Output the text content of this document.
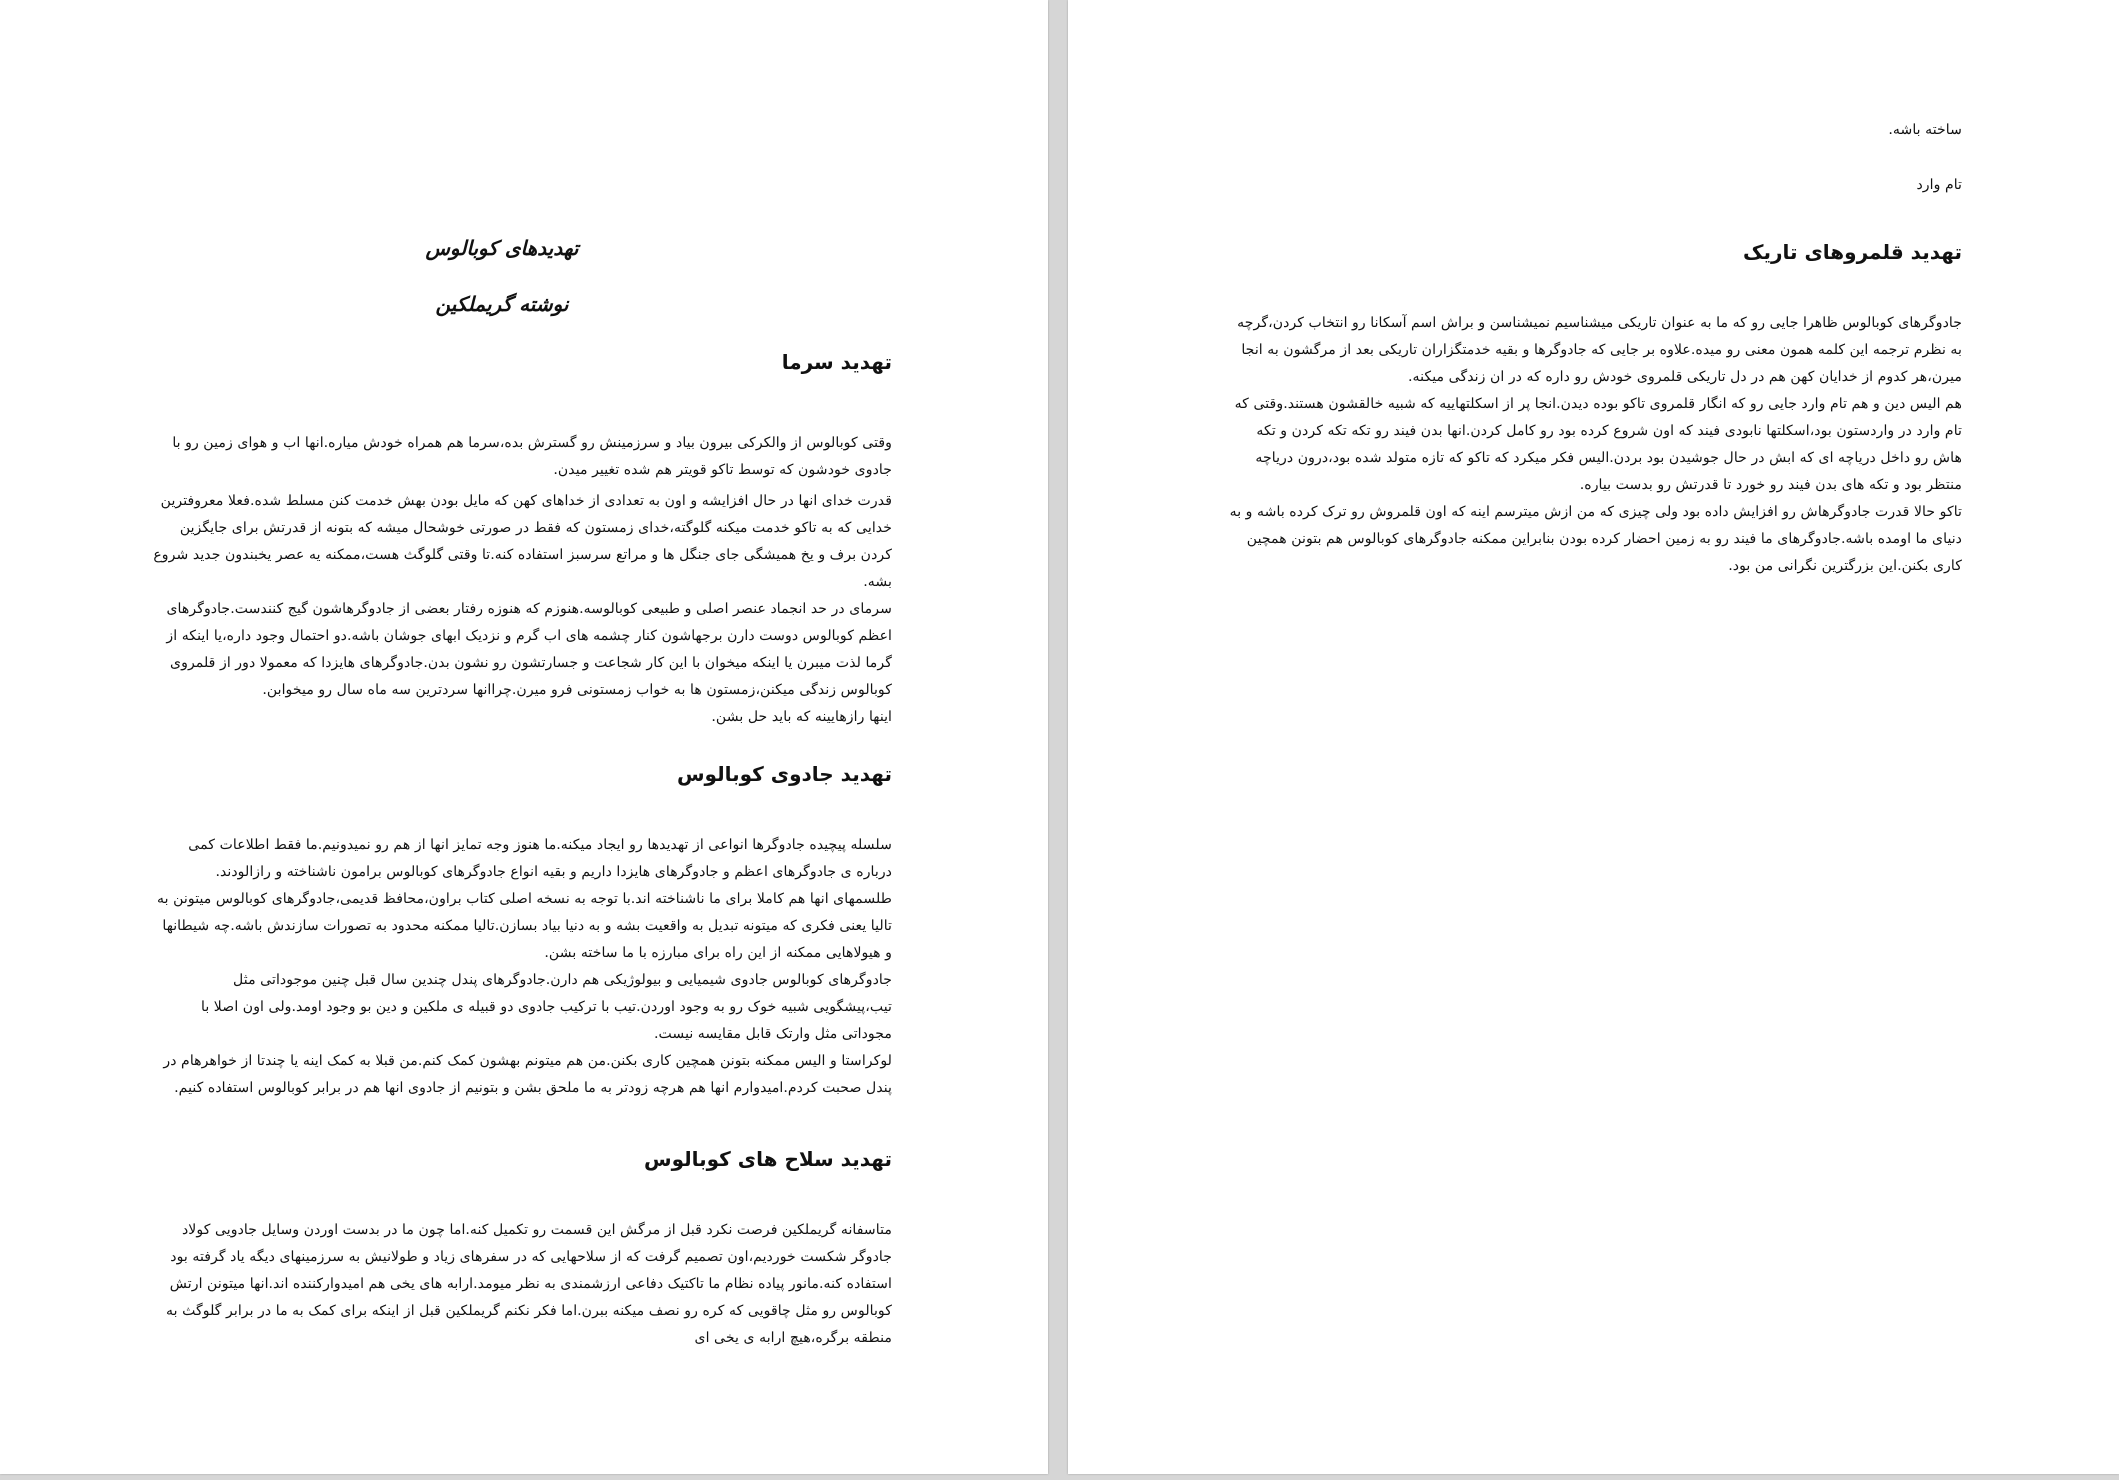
تهدیدهای کوبالوس
نوشته گریملکین
تهدید سرما

وقتی کوبالوس از والکرکی بیرون بیاد و سرزمینش رو گسترش بده،سرما هم همراه خودش میاره.انها اب و هوای زمین رو با جادوی خودشون که توسط تاکو قویتر هم شده تغییر میدن.

قدرت خدای انها در حال افزایشه و اون به تعدادی از خداهای کهن که مایل بودن بهش خدمت کنن مسلط شده.فعلا معروفترین خدایی که به تاکو خدمت میکنه گلوگته،خدای زمستون که فقط در صورتی خوشحال میشه که بتونه از قدرتش برای جایگزین کردن برف و یخ همیشگی جای جنگل ها و مراتع سرسبز استفاده کنه.تا وقتی گلوگث هست،ممکنه یه عصر یخبندون جدید شروع بشه.

سرمای در حد انجماد عنصر اصلی و طبیعی کوبالوسه.هنوزم که هنوزه رفتار بعضی از جادوگرهاشون گیج کنندست.جادوگرهای اعظم کوبالوس دوست دارن برجهاشون کنار چشمه های اب گرم و نزدیک ابهای جوشان باشه.دو احتمال وجود داره،یا اینکه از گرما لذت میبرن یا اینکه میخوان با این کار شجاعت و جسارتشون رو نشون بدن.جادوگرهای هایزدا که معمولا دور از قلمروی کوبالوس زندگی میکنن،زمستون ها به خواب زمستونی فرو میرن.چراانها سردترین سه ماه سال رو میخوابن.

اینها رازهایینه که باید حل بشن.

تهدید جادوی کوبالوس

سلسله پیچیده جادوگرها انواعی از تهدیدها رو ایجاد میکنه.ما هنوز وجه تمایز انها از هم رو نمیدونیم.ما فقط اطلاعات کمی درباره ی جادوگرهای اعظم و جادوگرهای هایزدا داریم و بقیه انواع جادوگرهای کوبالوس برامون ناشناخته و رازالودند.

طلسمهای انها هم کاملا برای ما ناشناخته اند.با توجه به نسخه اصلی کتاب براون،محافظ قدیمی،جادوگرهای کوبالوس میتونن به تالیا یعنی فکری که میتونه تبدیل به واقعیت بشه و به دنیا بیاد بسازن.تالیا ممکنه محدود به تصورات سازندش باشه.چه شیطانها و هیولاهایی ممکنه از این راه برای مبارزه با ما ساخته بشن.

جادوگرهای کوبالوس جادوی شیمیایی و بیولوژیکی هم دارن.جادوگرهای پندل چندین سال قبل چنین موجوداتی مثل تیب،پیشگویی شبیه خوک رو به وجود اوردن.تیب با ترکیب جادوی دو قبیله ی ملکین و دین بو وجود اومد.ولی اون اصلا با مجوداتی مثل وارتک قابل مقایسه نیست.

لوکراستا و الیس ممکنه بتونن همچین کاری بکنن.من هم میتونم بهشون کمک کنم.من قبلا به کمک اینه یا چندتا از خواهرهام در پندل صحبت کردم.امیدوارم انها هم هرچه زودتر به ما ملحق بشن و بتونیم از جادوی انها هم در برابر کوبالوس استفاده کنیم.

تهدید سلاح های کوبالوس

متاسفانه گریملکین فرصت نکرد قبل از مرگش این قسمت رو تکمیل کنه.اما چون ما در بدست اوردن وسایل جادویی کولاد جادوگر شکست خوردیم،اون تصمیم گرفت که از سلاحهایی که در سفرهای زیاد و طولانیش به سرزمینهای دیگه یاد گرفته بود استفاده کنه.مانور پیاده نظام ما تاکتیک دفاعی ارزشمندی به نظر میومد.ارابه های یخی هم امیدوارکننده اند.انها میتونن ارتش کوبالوس رو مثل چاقویی که کره رو نصف میکنه ببرن.اما فکر نکنم گریملکین قبل از اینکه برای کمک به ما در برابر گلوگث به منطقه برگره،هیچ ارابه ی یخی ای

ساخته باشه.

تام وارد

تهدید قلمروهای تاریک

جادوگرهای کوبالوس ظاهرا جایی رو که ما به عنوان تاریکی میشناسیم نمیشناسن و براش اسم آسکانا رو انتخاب کردن،گرچه به نظرم ترجمه این کلمه همون معنی رو میده.علاوه بر جایی که جادوگرها و بقیه خدمتگزاران تاریکی بعد از مرگشون به انجا میرن،هر کدوم از خدایان کهن هم در دل تاریکی قلمروی خودش رو داره که در ان زندگی میکنه.

هم الیس دین و هم تام وارد جایی رو که انگار قلمروی تاکو بوده دیدن.انجا پر از اسکلتهاییه که شبیه خالقشون هستند.وقتی که تام وارد در واردستون بود،اسکلتها نابودی فیند که اون شروع کرده بود رو کامل کردن.انها بدن فیند رو تکه تکه کردن و تکه هاش رو داخل دریاچه ای که ابش در حال جوشیدن بود بردن.الیس فکر میکرد که تاکو که تازه متولد شده بود،درون دریاچه منتظر بود و تکه های بدن فیند رو خورد تا قدرتش رو بدست بیاره.

تاکو حالا قدرت جادوگرهاش رو افزایش داده بود ولی چیزی که من ازش میترسم اینه که اون قلمروش رو ترک کرده باشه و به دنیای ما اومده باشه.جادوگرهای ما فیند رو به زمین احضار کرده بودن بنابراین ممکنه جادوگرهای کوبالوس هم بتونن همچین کاری بکنن.این بزرگترین نگرانی من بود.
